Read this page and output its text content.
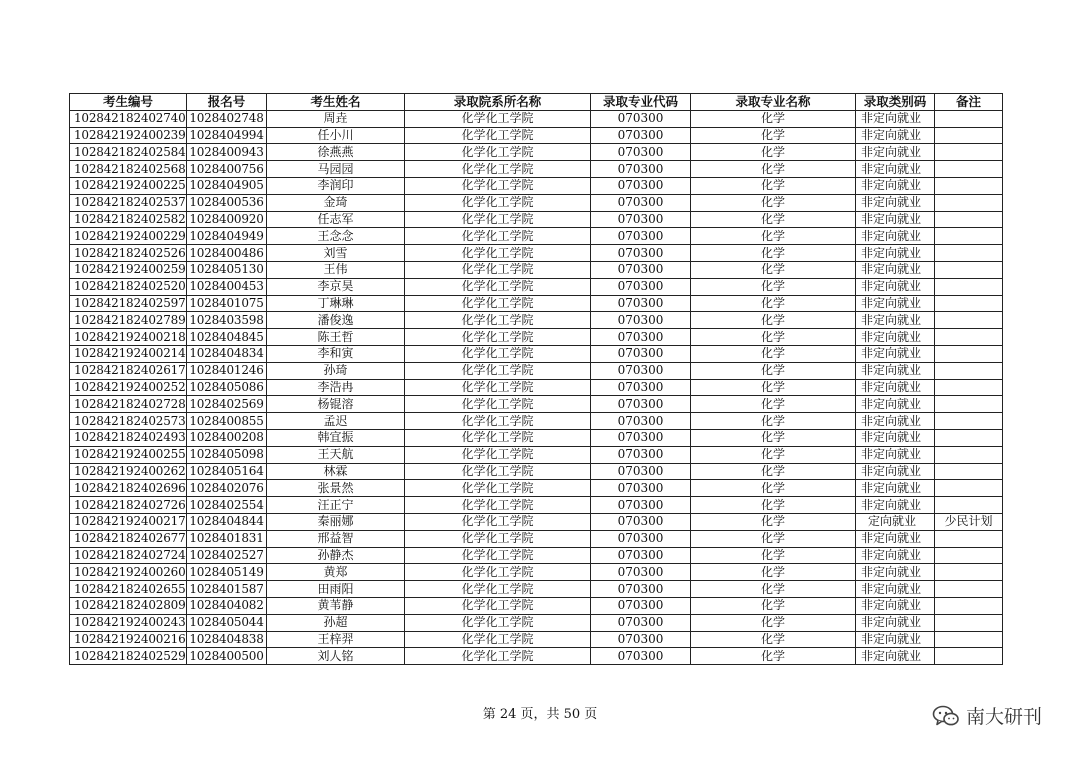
考生编号	报名号	考生姓名	录取院系所名称	录取专业代码	录取专业名称	录取类别码	备注
102842182402740	1028402748	周垚	化学化工学院	070300	化学	非定向就业	
102842192400239	1028404994	任小川	化学化工学院	070300	化学	非定向就业	
102842182402584	1028400943	徐燕燕	化学化工学院	070300	化学	非定向就业	
102842182402568	1028400756	马园园	化学化工学院	070300	化学	非定向就业	
102842192400225	1028404905	李润印	化学化工学院	070300	化学	非定向就业	
102842182402537	1028400536	金琦	化学化工学院	070300	化学	非定向就业	
102842182402582	1028400920	任志军	化学化工学院	070300	化学	非定向就业	
102842192400229	1028404949	王念念	化学化工学院	070300	化学	非定向就业	
102842182402526	1028400486	刘雪	化学化工学院	070300	化学	非定向就业	
102842192400259	1028405130	王伟	化学化工学院	070300	化学	非定向就业	
102842182402520	1028400453	李京昊	化学化工学院	070300	化学	非定向就业	
102842182402597	1028401075	丁琳琳	化学化工学院	070300	化学	非定向就业	
102842182402789	1028403598	潘俊逸	化学化工学院	070300	化学	非定向就业	
102842192400218	1028404845	陈王哲	化学化工学院	070300	化学	非定向就业	
102842192400214	1028404834	李和寅	化学化工学院	070300	化学	非定向就业	
102842182402617	1028401246	孙琦	化学化工学院	070300	化学	非定向就业	
102842192400252	1028405086	李浩冉	化学化工学院	070300	化学	非定向就业	
102842182402728	1028402569	杨锟溶	化学化工学院	070300	化学	非定向就业	
102842182402573	1028400855	孟迟	化学化工学院	070300	化学	非定向就业	
102842182402493	1028400208	韩宜振	化学化工学院	070300	化学	非定向就业	
102842192400255	1028405098	王天航	化学化工学院	070300	化学	非定向就业	
102842192400262	1028405164	林霖	化学化工学院	070300	化学	非定向就业	
102842182402696	1028402076	张景然	化学化工学院	070300	化学	非定向就业	
102842182402726	1028402554	汪正宁	化学化工学院	070300	化学	非定向就业	
102842192400217	1028404844	秦丽娜	化学化工学院	070300	化学	定向就业	少民计划
102842182402677	1028401831	邢益智	化学化工学院	070300	化学	非定向就业	
102842182402724	1028402527	孙静杰	化学化工学院	070300	化学	非定向就业	
102842192400260	1028405149	黄郑	化学化工学院	070300	化学	非定向就业	
102842182402655	1028401587	田雨阳	化学化工学院	070300	化学	非定向就业	
102842182402809	1028404082	黄苇静	化学化工学院	070300	化学	非定向就业	
102842192400243	1028405044	孙超	化学化工学院	070300	化学	非定向就业	
102842192400216	1028404838	王梓羿	化学化工学院	070300	化学	非定向就业	
102842182402529	1028400500	刘人铭	化学化工学院	070300	化学	非定向就业	
第 24 页，共 50 页	南大研刊
